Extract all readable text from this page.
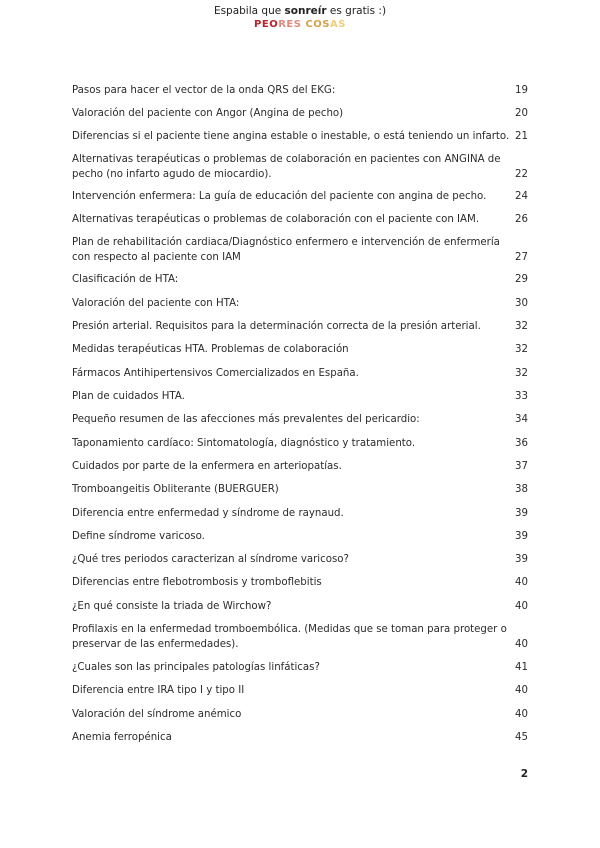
Espabila que sonreír es gratis :)
PEORES COSAS
Pasos para hacer el vector de la onda QRS del EKG:	19
Valoración del paciente con Angor (Angina de pecho)	20
Diferencias si el paciente tiene angina estable o inestable, o está teniendo un infarto. 21
Alternativas terapéuticas o problemas de colaboración en pacientes con ANGINA de pecho (no infarto agudo de miocardio).	22
Intervención enfermera: La guía de educación del paciente con angina de pecho.	24
Alternativas terapéuticas o problemas de colaboración con el paciente con IAM.	26
Plan de rehabilitación cardiaca/Diagnóstico enfermero e intervención de enfermería con respecto al paciente con IAM	27
Clasificación de HTA:	29
Valoración del paciente con HTA:	30
Presión arterial. Requisitos para la determinación correcta de la presión arterial.	32
Medidas terapéuticas HTA. Problemas de colaboración	32
Fármacos Antihipertensivos Comercializados en España.	32
Plan de cuidados HTA.	33
Pequeño resumen de las afecciones más prevalentes del pericardio:	34
Taponamiento cardíaco: Sintomatología, diagnóstico y tratamiento.	36
Cuidados por parte de la enfermera en arteriopatías.	37
Tromboangeitis Obliterante (BUERGUER)	38
Diferencia entre enfermedad y síndrome de raynaud.	39
Define síndrome varicoso.	39
¿Qué tres periodos caracterizan al síndrome varicoso?	39
Diferencias entre flebotrombosis y tromboflebitis	40
¿En qué consiste la triada de Wirchow?	40
Profilaxis en la enfermedad tromboembólica. (Medidas que se toman para proteger o preservar de las enfermedades).	40
¿Cuales son las principales patologías linfáticas?	41
Diferencia entre IRA tipo I y tipo II	40
Valoración del síndrome anémico	40
Anemia ferropénica	45
2
